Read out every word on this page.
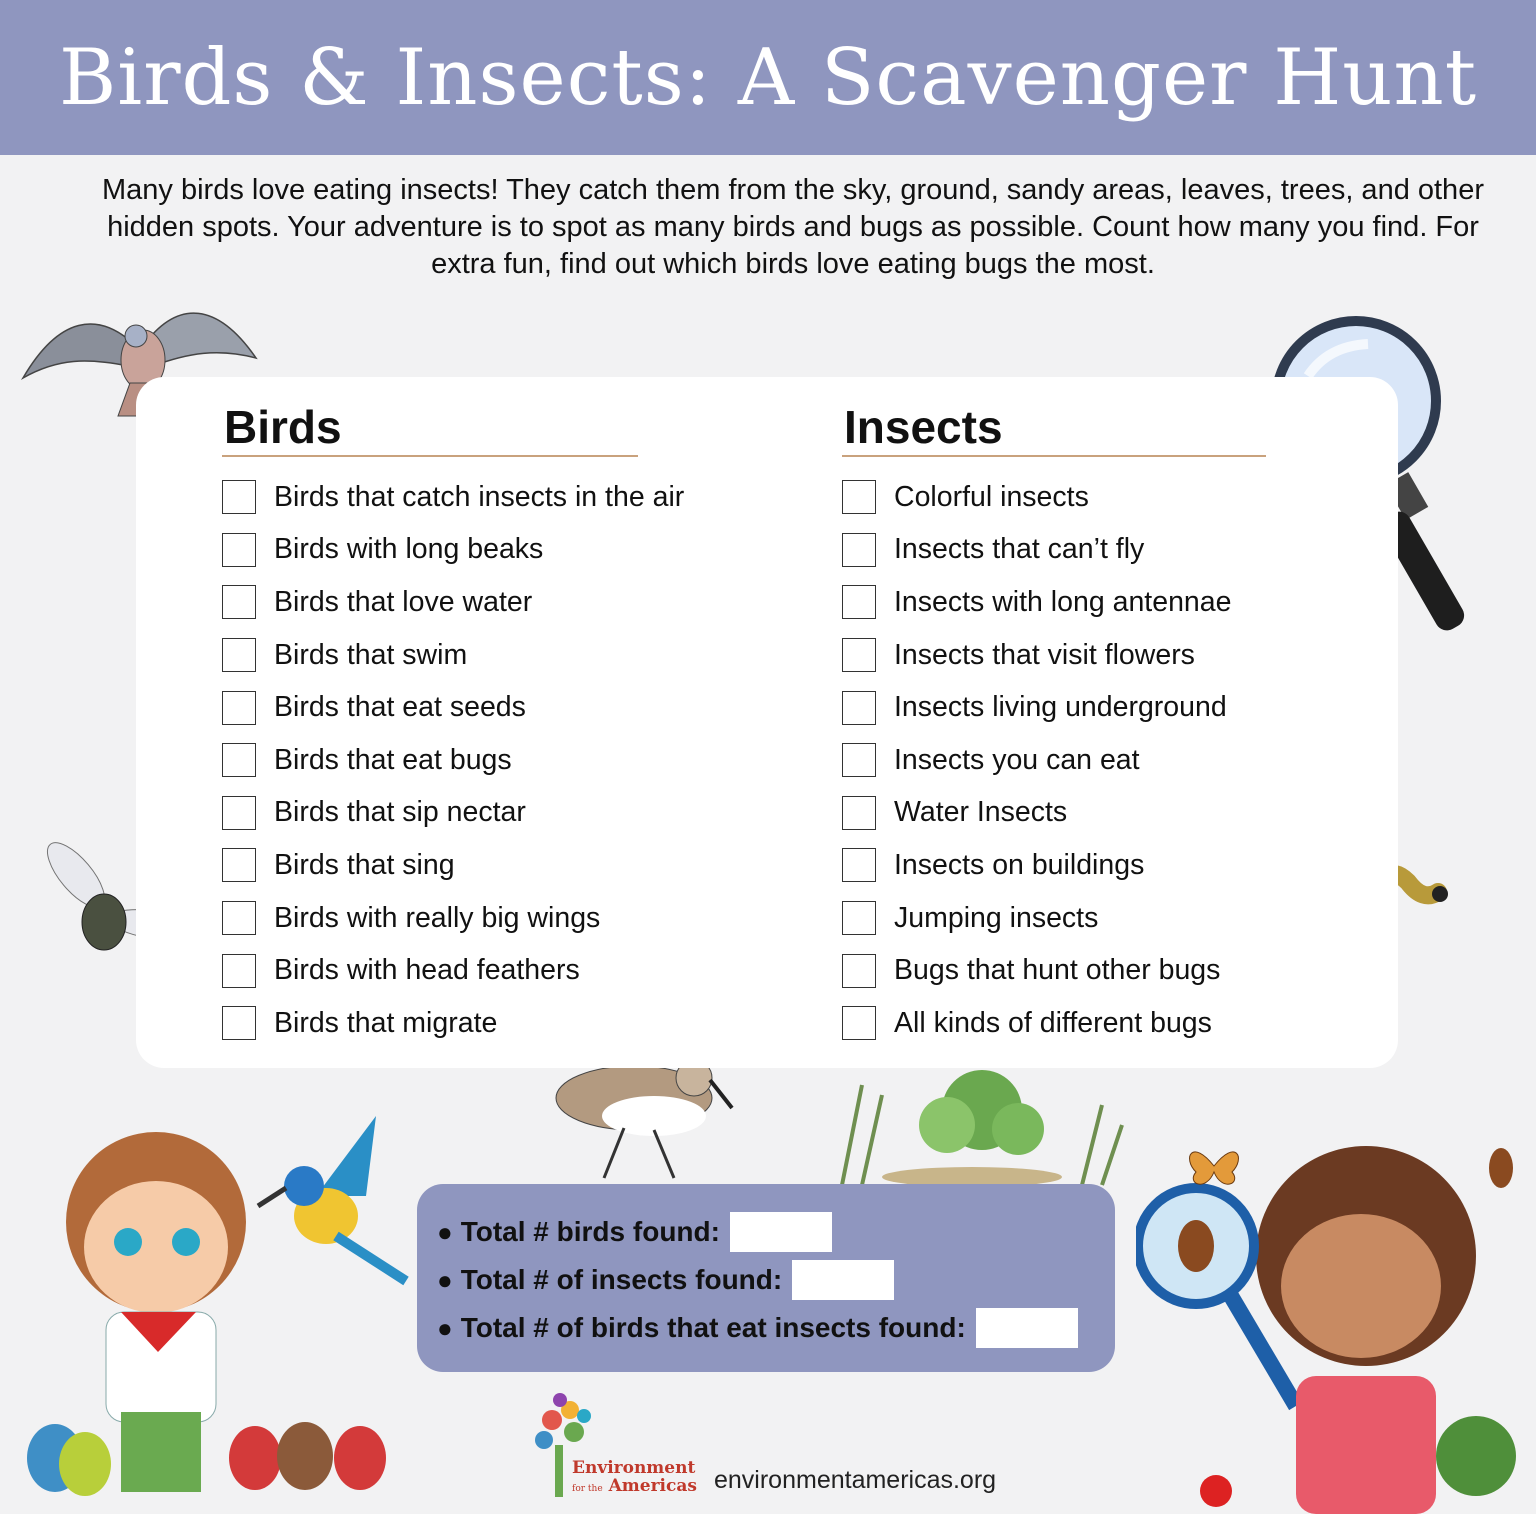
Birds & Insects: A Scavenger Hunt

Many birds love eating insects! They catch them from the sky, ground, sandy areas, leaves, trees, and other hidden spots. Your adventure is to spot as many birds and bugs as possible. Count how many you find. For extra fun, find out which birds love eating bugs the most.

Birds
Birds that catch insects in the air
Birds with long beaks
Birds that love water
Birds that swim
Birds that eat seeds
Birds that eat bugs
Birds that sip nectar
Birds that sing
Birds with really big wings
Birds with head feathers
Birds that migrate
Insects
Colorful insects
Insects that can’t fly
Insects with long antennae
Insects that visit flowers
Insects living underground
Insects you can eat
Water Insects
Insects on buildings
Jumping insects
Bugs that hunt other bugs
All kinds of different bugs
● Total # birds found:
● Total # of insects found:
● Total # of birds that eat insects found:
Environment
for the Americas environmentamericas.org
